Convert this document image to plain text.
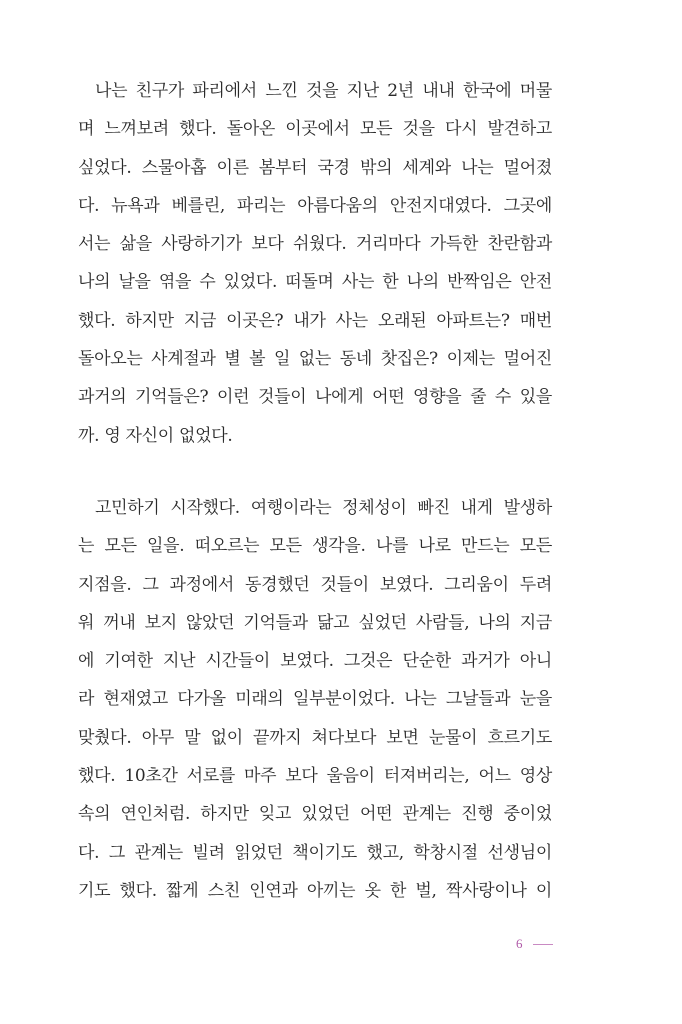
나는 친구가 파리에서 느낀 것을 지난 2년 내내 한국에 머물
며 느껴보려 했다. 돌아온 이곳에서 모든 것을 다시 발견하고
싶었다. 스물아홉 이른 봄부터 국경 밖의 세계와 나는 멀어졌
다. 뉴욕과 베를린, 파리는 아름다움의 안전지대였다. 그곳에
서는 삶을 사랑하기가 보다 쉬웠다. 거리마다 가득한 찬란함과
나의 날을 엮을 수 있었다. 떠돌며 사는 한 나의 반짝임은 안전
했다. 하지만 지금 이곳은? 내가 사는 오래된 아파트는? 매번
돌아오는 사계절과 별 볼 일 없는 동네 찻집은? 이제는 멀어진
과거의 기억들은? 이런 것들이 나에게 어떤 영향을 줄 수 있을
까. 영 자신이 없었다.
고민하기 시작했다. 여행이라는 정체성이 빠진 내게 발생하
는 모든 일을. 떠오르는 모든 생각을. 나를 나로 만드는 모든
지점을. 그 과정에서 동경했던 것들이 보였다. 그리움이 두려
워 꺼내 보지 않았던 기억들과 닮고 싶었던 사람들, 나의 지금
에 기여한 지난 시간들이 보였다. 그것은 단순한 과거가 아니
라 현재였고 다가올 미래의 일부분이었다. 나는 그날들과 눈을
맞췄다. 아무 말 없이 끝까지 쳐다보다 보면 눈물이 흐르기도
했다. 10초간 서로를 마주 보다 울음이 터져버리는, 어느 영상
속의 연인처럼. 하지만 잊고 있었던 어떤 관계는 진행 중이었
다. 그 관계는 빌려 읽었던 책이기도 했고, 학창시절 선생님이
기도 했다. 짧게 스친 인연과 아끼는 옷 한 벌, 짝사랑이나 이
6
